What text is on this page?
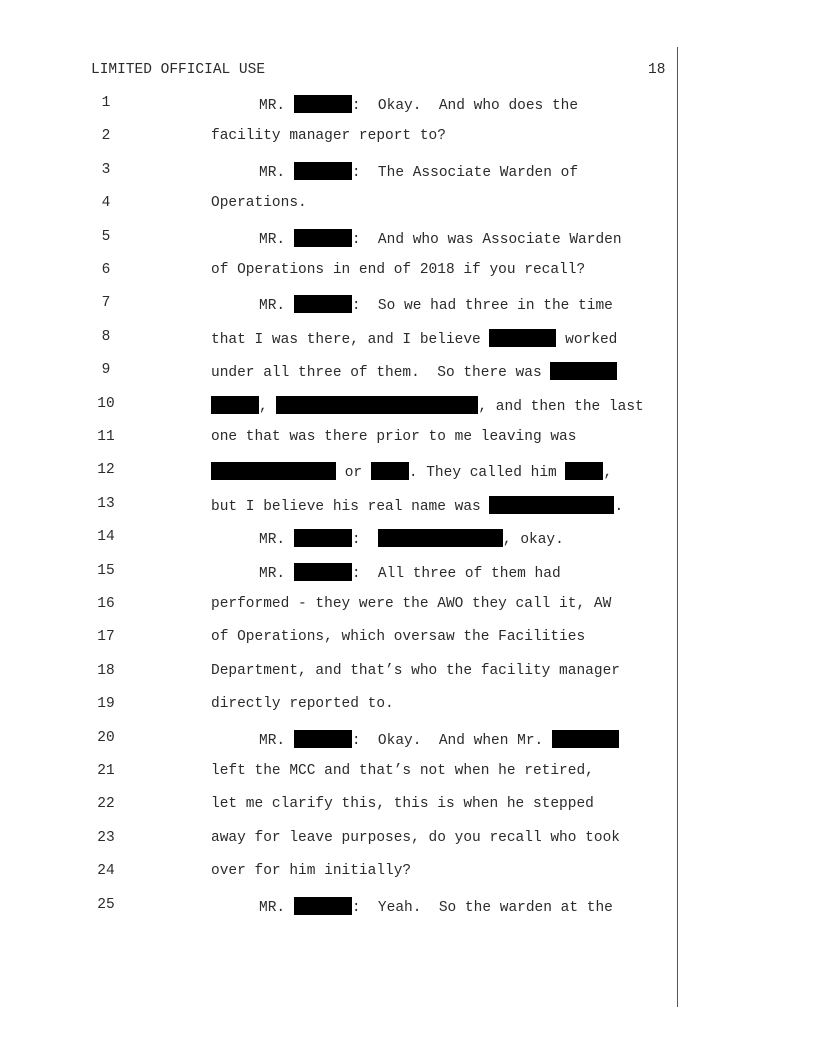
LIMITED OFFICIAL USE	18
1	MR.	:  Okay.  And who does the
2	facility manager report to?
3	MR.	:  The Associate Warden of
4	Operations.
5	MR.	:  And who was Associate Warden
6	of Operations in end of 2018 if you recall?
7	MR.	:  So we had three in the time
8	that I was there, and I believe	worked
9	under all three of them.  So there was
10	,	, and then the last
11	one that was there prior to me leaving was
12	or	. They called him	,
13	but I believe his real name was	.
14	MR.	:	, okay.
15	MR.	:  All three of them had
16	performed - they were the AWO they call it, AW
17	of Operations, which oversaw the Facilities
18	Department, and that’s who the facility manager
19	directly reported to.
20	MR.	:  Okay.  And when Mr.
21	left the MCC and that’s not when he retired,
22	let me clarify this, this is when he stepped
23	away for leave purposes, do you recall who took
24	over for him initially?
25	MR.	:  Yeah.  So the warden at the
